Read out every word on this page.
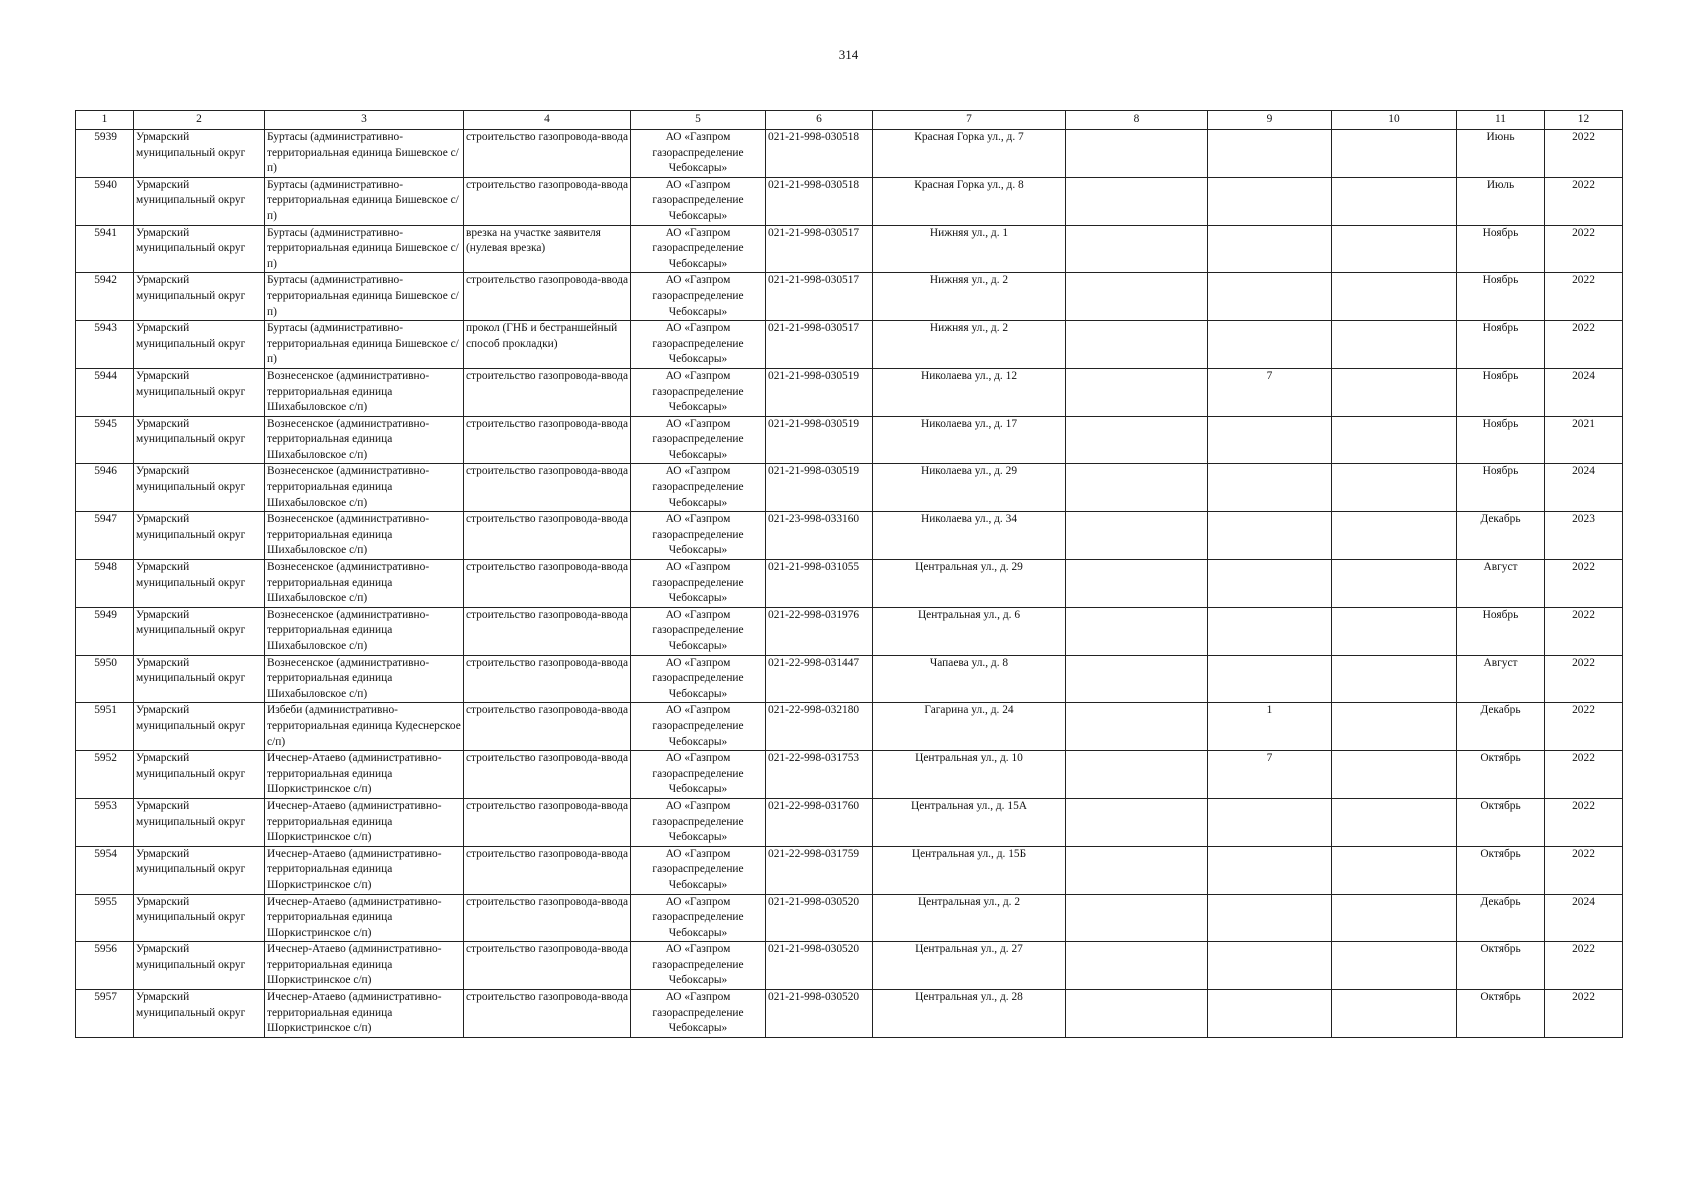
314
1	2	3	4	5	6	7	8	9	10	11	12
5939	Урмарский муниципальный округ	Буртасы (административно-территориальная единица Бишевское с/п)	строительство газопровода-ввода	АО «Газпром газораспределение Чебоксары»	021-21-998-030518	Красная Горка ул., д. 7				Июнь	2022
5940	Урмарский муниципальный округ	Буртасы (административно-территориальная единица Бишевское с/п)	строительство газопровода-ввода	АО «Газпром газораспределение Чебоксары»	021-21-998-030518	Красная Горка ул., д. 8				Июль	2022
5941	Урмарский муниципальный округ	Буртасы (административно-территориальная единица Бишевское с/п)	врезка на участке заявителя (нулевая врезка)	АО «Газпром газораспределение Чебоксары»	021-21-998-030517	Нижняя ул., д. 1				Ноябрь	2022
5942	Урмарский муниципальный округ	Буртасы (административно-территориальная единица Бишевское с/п)	строительство газопровода-ввода	АО «Газпром газораспределение Чебоксары»	021-21-998-030517	Нижняя ул., д. 2				Ноябрь	2022
5943	Урмарский муниципальный округ	Буртасы (административно-территориальная единица Бишевское с/п)	прокол (ГНБ и бестраншейный способ прокладки)	АО «Газпром газораспределение Чебоксары»	021-21-998-030517	Нижняя ул., д. 2				Ноябрь	2022
5944	Урмарский муниципальный округ	Вознесенское (административно-территориальная единица Шихабыловское с/п)	строительство газопровода-ввода	АО «Газпром газораспределение Чебоксары»	021-21-998-030519	Николаева ул., д. 12		7		Ноябрь	2024
5945	Урмарский муниципальный округ	Вознесенское (административно-территориальная единица Шихабыловское с/п)	строительство газопровода-ввода	АО «Газпром газораспределение Чебоксары»	021-21-998-030519	Николаева ул., д. 17				Ноябрь	2021
5946	Урмарский муниципальный округ	Вознесенское (административно-территориальная единица Шихабыловское с/п)	строительство газопровода-ввода	АО «Газпром газораспределение Чебоксары»	021-21-998-030519	Николаева ул., д. 29				Ноябрь	2024
5947	Урмарский муниципальный округ	Вознесенское (административно-территориальная единица Шихабыловское с/п)	строительство газопровода-ввода	АО «Газпром газораспределение Чебоксары»	021-23-998-033160	Николаева ул., д. 34				Декабрь	2023
5948	Урмарский муниципальный округ	Вознесенское (административно-территориальная единица Шихабыловское с/п)	строительство газопровода-ввода	АО «Газпром газораспределение Чебоксары»	021-21-998-031055	Центральная ул., д. 29				Август	2022
5949	Урмарский муниципальный округ	Вознесенское (административно-территориальная единица Шихабыловское с/п)	строительство газопровода-ввода	АО «Газпром газораспределение Чебоксары»	021-22-998-031976	Центральная ул., д. 6				Ноябрь	2022
5950	Урмарский муниципальный округ	Вознесенское (административно-территориальная единица Шихабыловское с/п)	строительство газопровода-ввода	АО «Газпром газораспределение Чебоксары»	021-22-998-031447	Чапаева ул., д. 8				Август	2022
5951	Урмарский муниципальный округ	Избеби (административно-территориальная единица Кудеснерское с/п)	строительство газопровода-ввода	АО «Газпром газораспределение Чебоксары»	021-22-998-032180	Гагарина ул., д. 24		1		Декабрь	2022
5952	Урмарский муниципальный округ	Ичеснер-Атаево (административно-территориальная единица Шоркистринское с/п)	строительство газопровода-ввода	АО «Газпром газораспределение Чебоксары»	021-22-998-031753	Центральная ул., д. 10		7		Октябрь	2022
5953	Урмарский муниципальный округ	Ичеснер-Атаево (административно-территориальная единица Шоркистринское с/п)	строительство газопровода-ввода	АО «Газпром газораспределение Чебоксары»	021-22-998-031760	Центральная ул., д. 15А				Октябрь	2022
5954	Урмарский муниципальный округ	Ичеснер-Атаево (административно-территориальная единица Шоркистринское с/п)	строительство газопровода-ввода	АО «Газпром газораспределение Чебоксары»	021-22-998-031759	Центральная ул., д. 15Б				Октябрь	2022
5955	Урмарский муниципальный округ	Ичеснер-Атаево (административно-территориальная единица Шоркистринское с/п)	строительство газопровода-ввода	АО «Газпром газораспределение Чебоксары»	021-21-998-030520	Центральная ул., д. 2				Декабрь	2024
5956	Урмарский муниципальный округ	Ичеснер-Атаево (административно-территориальная единица Шоркистринское с/п)	строительство газопровода-ввода	АО «Газпром газораспределение Чебоксары»	021-21-998-030520	Центральная ул., д. 27				Октябрь	2022
5957	Урмарский муниципальный округ	Ичеснер-Атаево (административно-территориальная единица Шоркистринское с/п)	строительство газопровода-ввода	АО «Газпром газораспределение Чебоксары»	021-21-998-030520	Центральная ул., д. 28				Октябрь	2022
